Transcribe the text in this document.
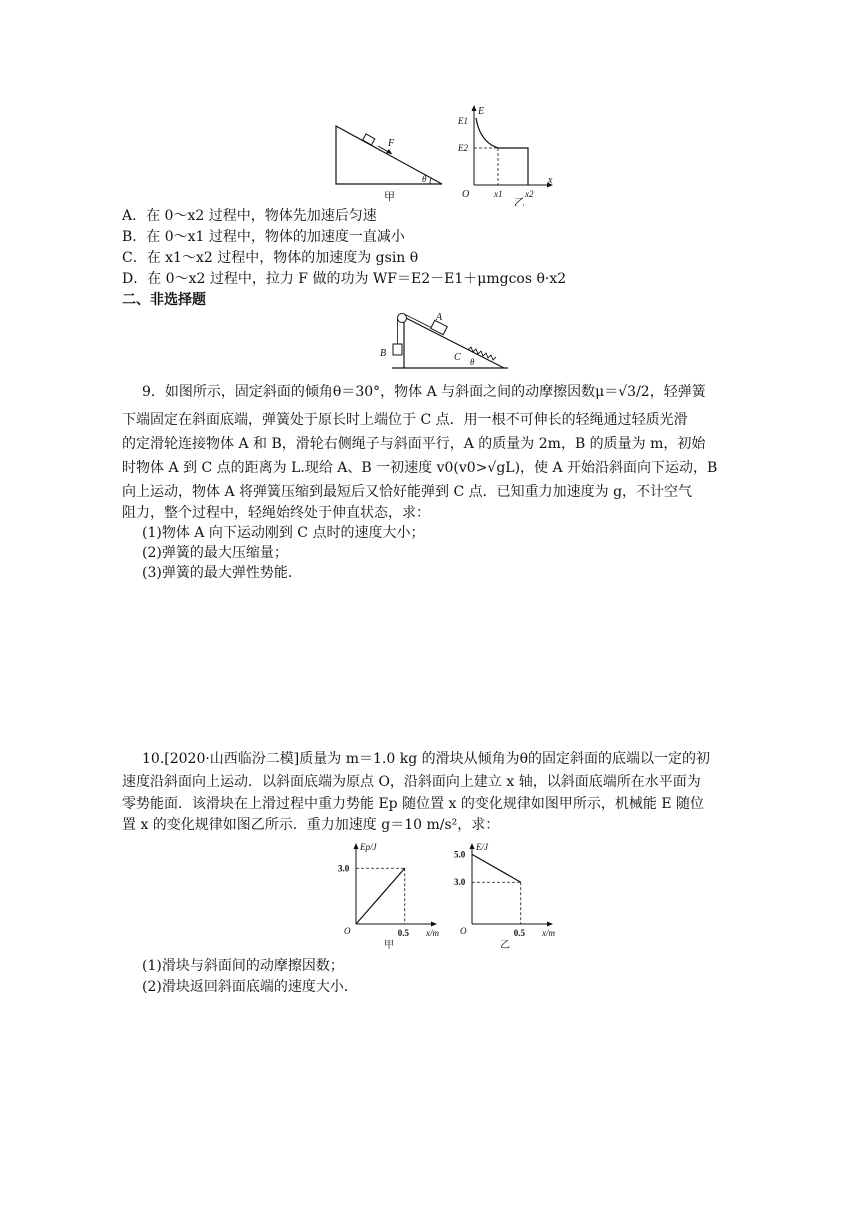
F
θ
甲
E
x
E1
E2
O	x1	x2
乙
A．在 0～x2 过程中，物体先加速后匀速
B．在 0～x1 过程中，物体的加速度一直减小
C．在 x1～x2 过程中，物体的加速度为 gsin θ
D．在 0～x2 过程中，拉力 F 做的功为 WF＝E2－E1＋μmgcos θ·x2
二、非选择题
B
A
C θ
9．如图所示，固定斜面的倾角θ＝30°，物体 A 与斜面之间的动摩擦因数μ＝√3/2，轻弹簧
下端固定在斜面底端，弹簧处于原长时上端位于 C 点．用一根不可伸长的轻绳通过轻质光滑
的定滑轮连接物体 A 和 B，滑轮右侧绳子与斜面平行，A 的质量为 2m，B 的质量为 m，初始
时物体 A 到 C 点的距离为 L.现给 A、B 一初速度 v0(v0>√gL)，使 A 开始沿斜面向下运动，B
向上运动，物体 A 将弹簧压缩到最短后又恰好能弹到 C 点．已知重力加速度为 g，不计空气
阻力，整个过程中，轻绳始终处于伸直状态，求：
(1)物体 A 向下运动刚到 C 点时的速度大小；
(2)弹簧的最大压缩量；
(3)弹簧的最大弹性势能．
10.[2020·山西临汾二模]质量为 m＝1.0 kg 的滑块从倾角为θ的固定斜面的底端以一定的初
速度沿斜面向上运动．以斜面底端为原点 O，沿斜面向上建立 x 轴，以斜面底端所在水平面为
零势能面．该滑块在上滑过程中重力势能 Ep 随位置 x 的变化规律如图甲所示，机械能 E 随位
置 x 的变化规律如图乙所示．重力加速度 g＝10 m/s²，求：
Ep/J
x/m
O
3.0
0.5
甲
E/J
x/m
O
5.0
3.0
0.5
乙
(1)滑块与斜面间的动摩擦因数；
(2)滑块返回斜面底端的速度大小．
